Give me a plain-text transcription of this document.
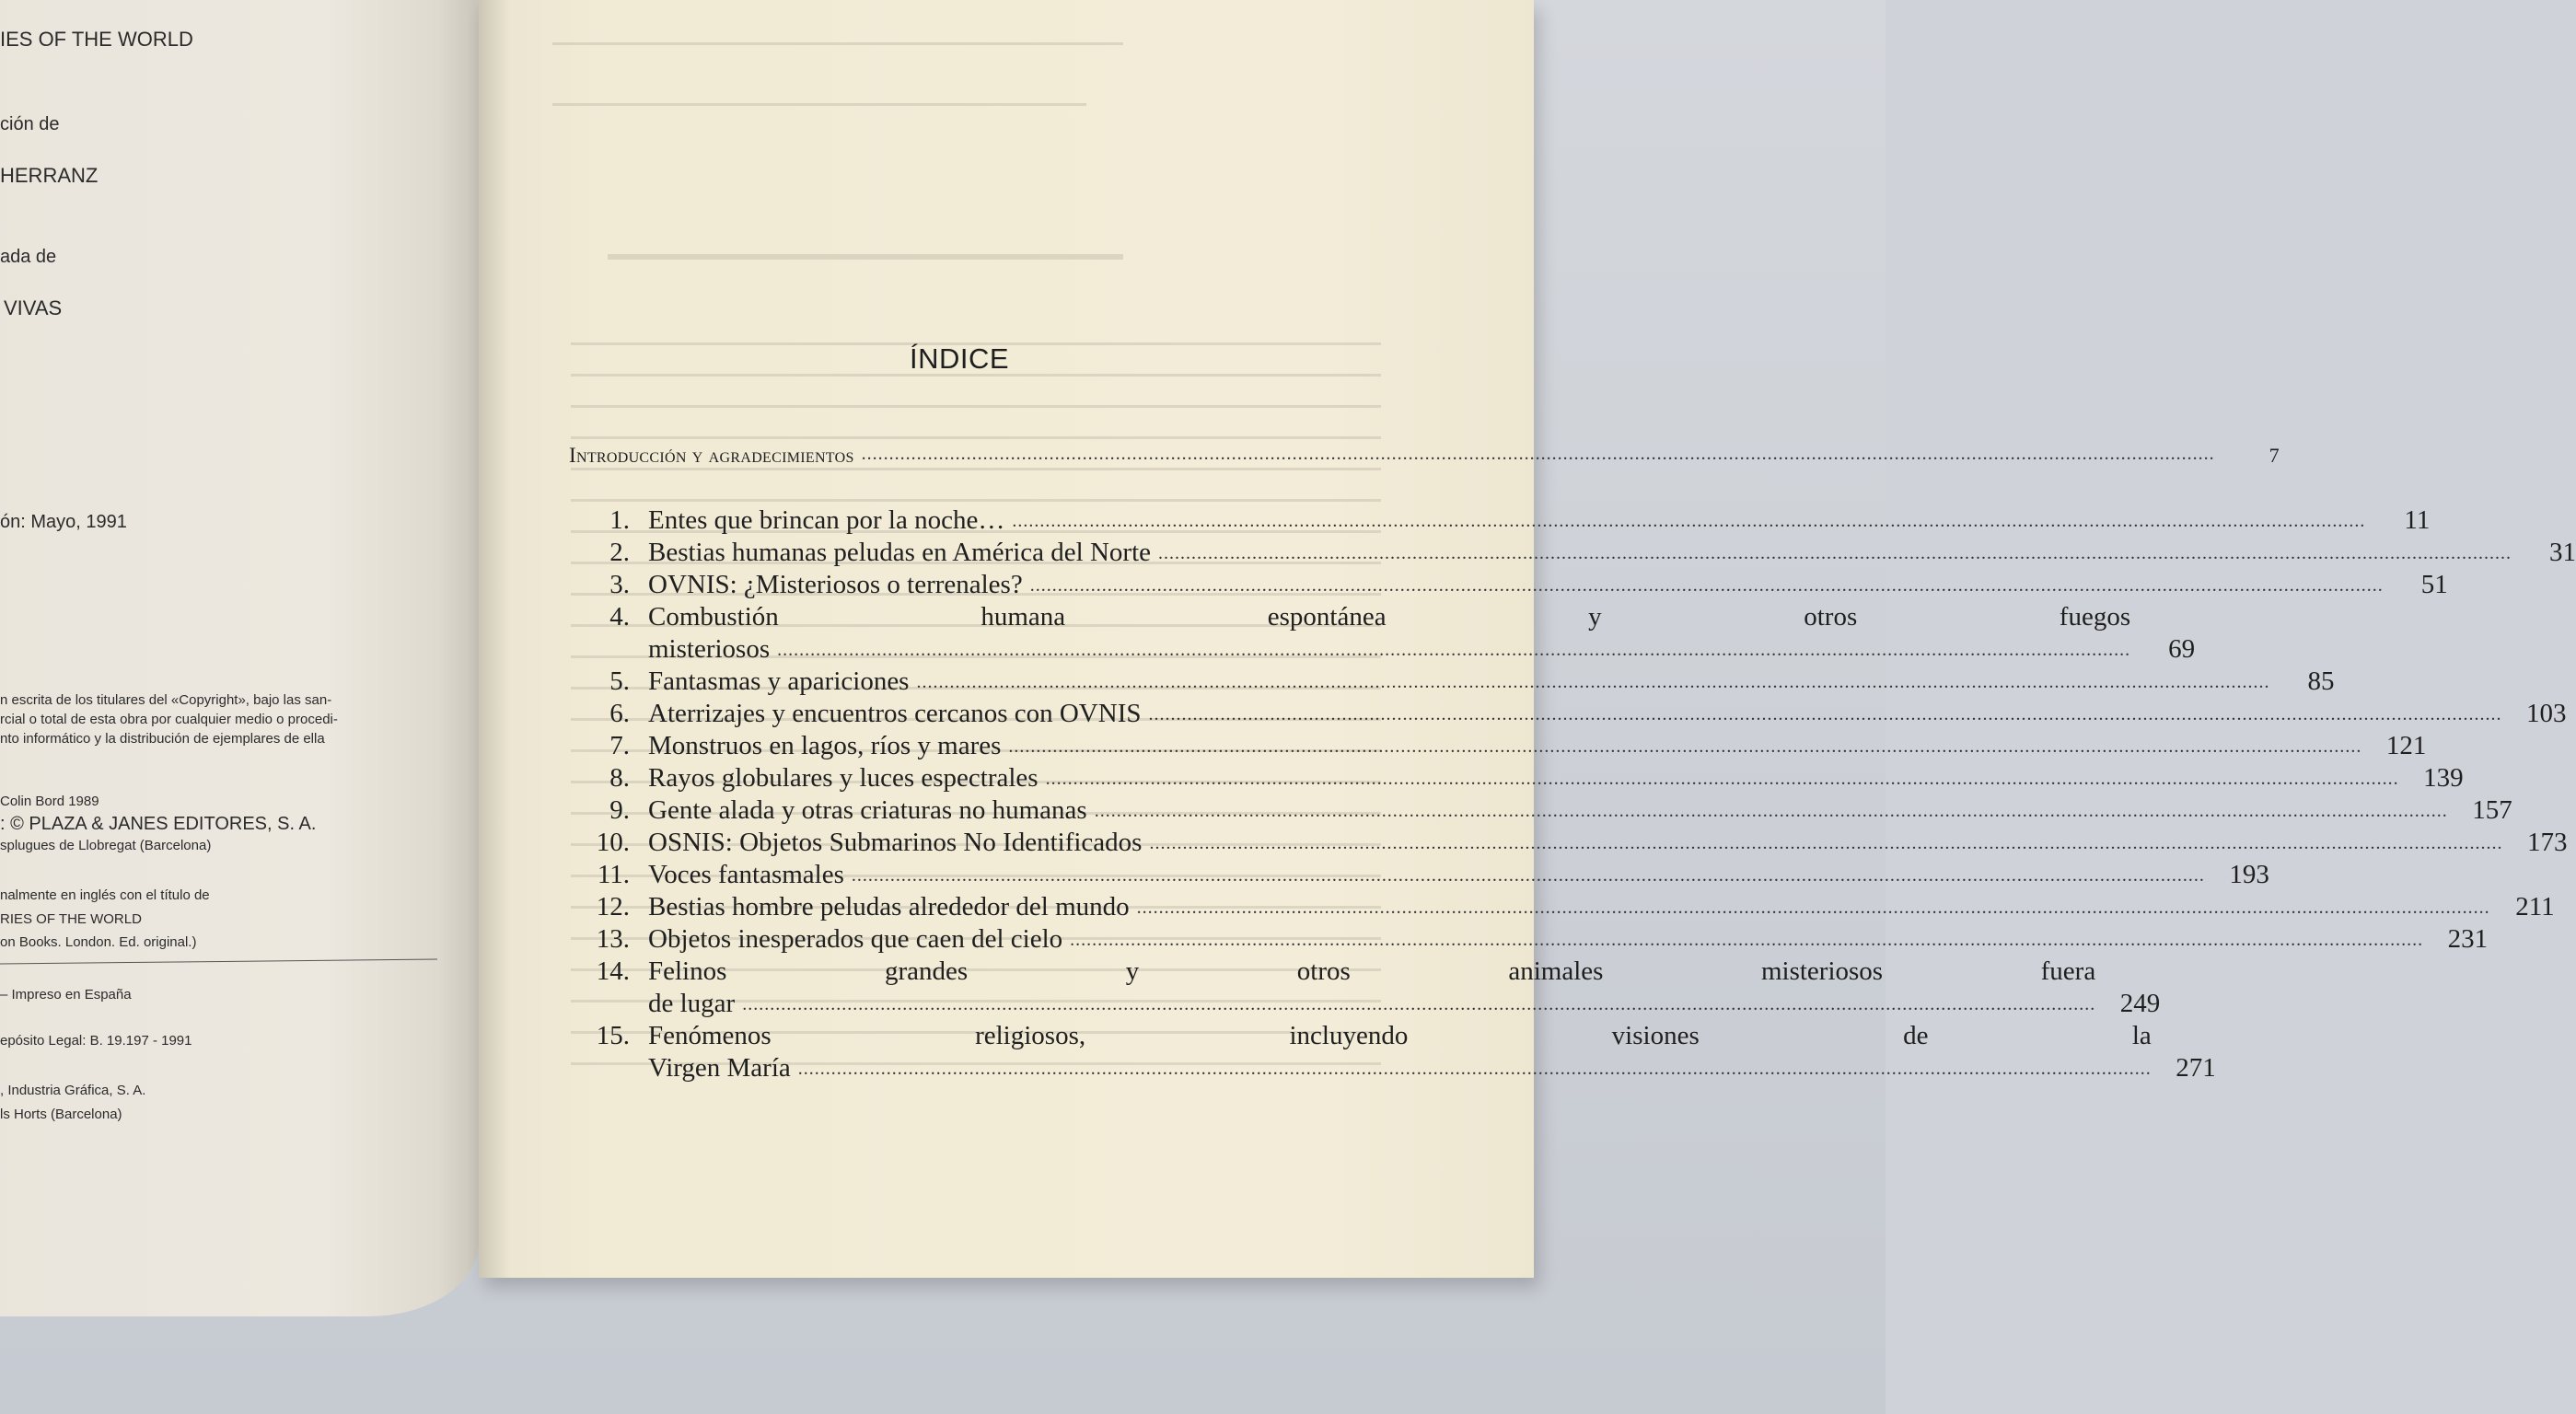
IES OF THE WORLD

ción de

HERRANZ

ada de

VIVAS

ón: Mayo, 1991

n escrita de los titulares del «Copyright», bajo las san-

rcial o total de esta obra por cualquier medio o procedi-

nto informático y la distribución de ejemplares de ella

Colin Bord 1989

: © PLAZA & JANES EDITORES, S. A.

splugues de Llobregat (Barcelona)

nalmente en inglés con el título de

RIES OF THE WORLD

on Books. London. Ed. original.)

– Impreso en España

epósito Legal: B. 19.197 - 1991

, Industria Gráfica, S. A.

ls Horts (Barcelona)

ÍNDICE
Introducción y agradecimientos .....	7
1. Entes que brincan por la noche… .....	11
2. Bestias humanas peludas en América del Norte .....	31
3. OVNIS: ¿Misteriosos o terrenales? .....	51
4. Combustión humana espontánea y otros fuegos
misteriosos .....	69
5. Fantasmas y apariciones .....	85
6. Aterrizajes y encuentros cercanos con OVNIS .....	103
7. Monstruos en lagos, ríos y mares .....	121
8. Rayos globulares y luces espectrales .....	139
9. Gente alada y otras criaturas no humanas .....	157
10. OSNIS: Objetos Submarinos No Identificados .....	173
11. Voces fantasmales .....	193
12. Bestias hombre peludas alrededor del mundo .....	211
13. Objetos inesperados que caen del cielo .....	231
14. Felinos grandes y otros animales misteriosos fuera
de lugar .....	249
15. Fenómenos religiosos, incluyendo visiones de la
Virgen María .....	271
